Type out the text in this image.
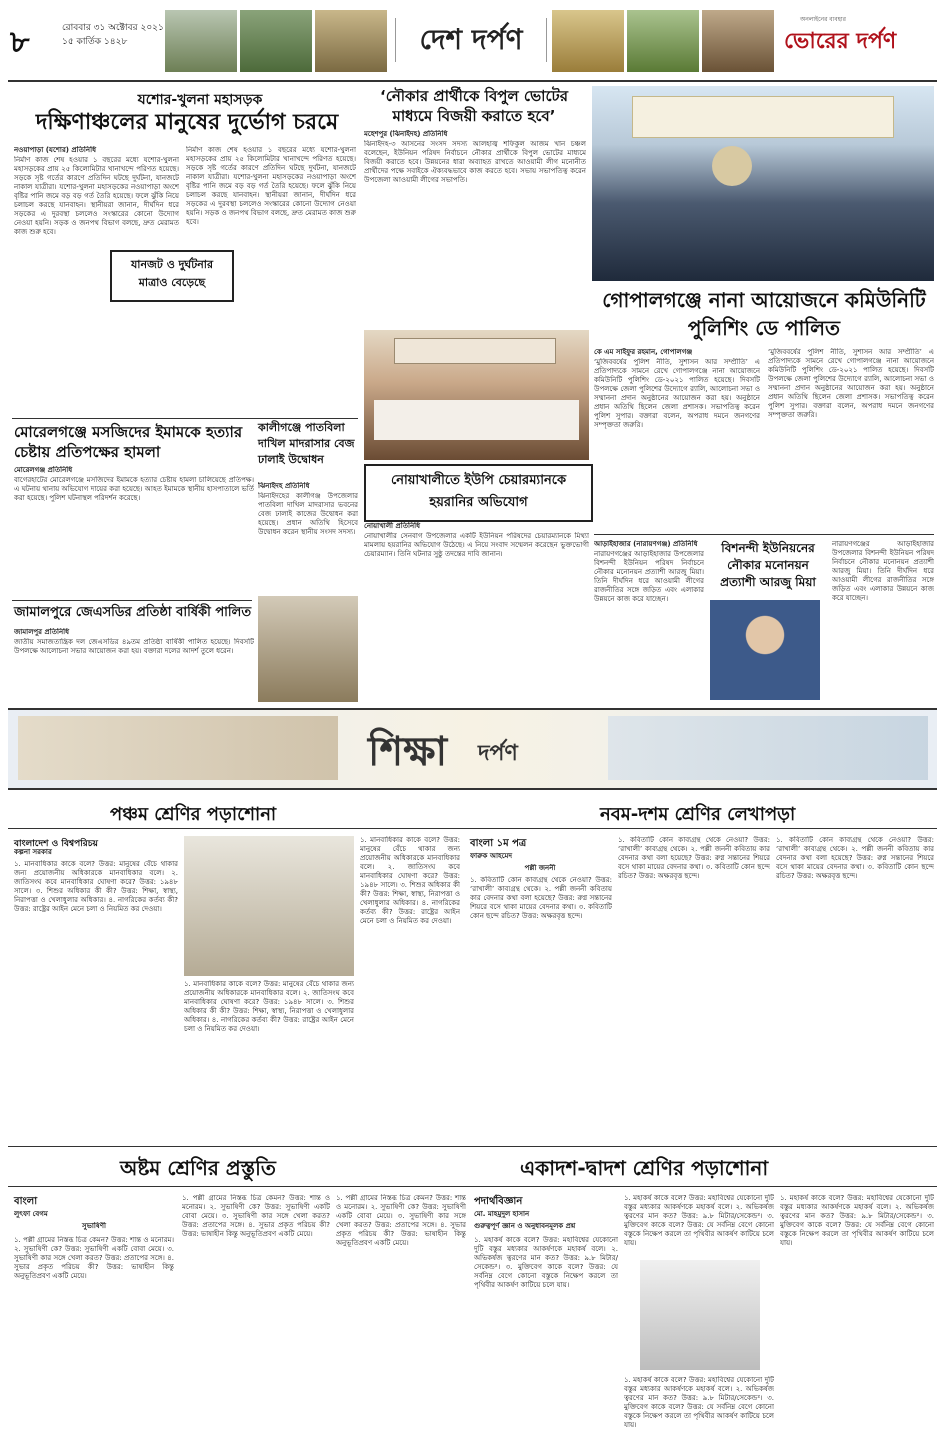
৮	রোববার ৩১ অক্টোবর ২০২১
১৫ কার্তিক ১৪২৮	দেশ দর্পণ
অনলাইনের ব্যবহার
ভোরের দর্পণ
যশোর-খুলনা মহাসড়ক
দক্ষিণাঞ্চলের মানুষের দুর্ভোগ চরমে
নওয়াপাড়া (যশোর) প্রতিনিধি
নির্মাণ কাজ শেষ হওয়ার ১ বছরের মধ্যে যশোর-খুলনা মহাসড়কের প্রায় ২৫ কিলোমিটার খানাখন্দে পরিণত হয়েছে। সড়কে সৃষ্ট গর্তের কারণে প্রতিদিন ঘটছে দুর্ঘটনা, যানজটে নাকাল যাত্রীরা। যশোর-খুলনা মহাসড়কের নওয়াপাড়া অংশে বৃষ্টির পানি জমে বড় বড় গর্ত তৈরি হয়েছে। ফলে ঝুঁকি নিয়ে চলাচল করছে যানবাহন। স্থানীয়রা জানান, দীর্ঘদিন ধরে সড়কের এ দুরবস্থা চললেও সংস্কারের কোনো উদ্যোগ নেওয়া হয়নি। সড়ক ও জনপথ বিভাগ বলছে, দ্রুত মেরামত কাজ শুরু হবে।
নির্মাণ কাজ শেষ হওয়ার ১ বছরের মধ্যে যশোর-খুলনা মহাসড়কের প্রায় ২৫ কিলোমিটার খানাখন্দে পরিণত হয়েছে। সড়কে সৃষ্ট গর্তের কারণে প্রতিদিন ঘটছে দুর্ঘটনা, যানজটে নাকাল যাত্রীরা। যশোর-খুলনা মহাসড়কের নওয়াপাড়া অংশে বৃষ্টির পানি জমে বড় বড় গর্ত তৈরি হয়েছে। ফলে ঝুঁকি নিয়ে চলাচল করছে যানবাহন। স্থানীয়রা জানান, দীর্ঘদিন ধরে সড়কের এ দুরবস্থা চললেও সংস্কারের কোনো উদ্যোগ নেওয়া হয়নি। সড়ক ও জনপথ বিভাগ বলছে, দ্রুত মেরামত কাজ শুরু হবে।
যানজট ও দুর্ঘটনার মাত্রাও বেড়েছে
‘নৌকার প্রার্থীকে বিপুল ভোটের মাধ্যমে বিজয়ী করাতে হবে’
মহেশপুর (ঝিনাইদহ) প্রতিনিধি
ঝিনাইদহ-৩ আসনের সংসদ সদস্য আলহাজ্ব শফিকুল আজম খান চঞ্চল বলেছেন, ইউনিয়ন পরিষদ নির্বাচনে নৌকার প্রার্থীকে বিপুল ভোটের মাধ্যমে বিজয়ী করাতে হবে। উন্নয়নের ধারা অব্যাহত রাখতে আওয়ামী লীগ মনোনীত প্রার্থীদের পক্ষে সবাইকে ঐক্যবদ্ধভাবে কাজ করতে হবে। সভায় সভাপতিত্ব করেন উপজেলা আওয়ামী লীগের সভাপতি।
গোপালগঞ্জে নানা আয়োজনে কমিউনিটি পুলিশিং ডে পালিত
কে এম সাইফুর রহমান, গোপালগঞ্জ
‘মুজিববর্ষের পুলিশ নীতি, সুশাসন আর সম্প্রীতি’ এ প্রতিপাদ্যকে সামনে রেখে গোপালগঞ্জে নানা আয়োজনে কমিউনিটি পুলিশিং ডে-২০২১ পালিত হয়েছে। দিবসটি উপলক্ষে জেলা পুলিশের উদ্যোগে র‍্যালি, আলোচনা সভা ও সম্মাননা প্রদান অনুষ্ঠানের আয়োজন করা হয়। অনুষ্ঠানে প্রধান অতিথি ছিলেন জেলা প্রশাসক। সভাপতিত্ব করেন পুলিশ সুপার। বক্তারা বলেন, অপরাধ দমনে জনগণের সম্পৃক্ততা জরুরি।
‘মুজিববর্ষের পুলিশ নীতি, সুশাসন আর সম্প্রীতি’ এ প্রতিপাদ্যকে সামনে রেখে গোপালগঞ্জে নানা আয়োজনে কমিউনিটি পুলিশিং ডে-২০২১ পালিত হয়েছে। দিবসটি উপলক্ষে জেলা পুলিশের উদ্যোগে র‍্যালি, আলোচনা সভা ও সম্মাননা প্রদান অনুষ্ঠানের আয়োজন করা হয়। অনুষ্ঠানে প্রধান অতিথি ছিলেন জেলা প্রশাসক। সভাপতিত্ব করেন পুলিশ সুপার। বক্তারা বলেন, অপরাধ দমনে জনগণের সম্পৃক্ততা জরুরি।
মোরেলগঞ্জে মসজিদের ইমামকে হত্যার চেষ্টায় প্রতিপক্ষের হামলা
মোরেলগঞ্জ প্রতিনিধি
বাগেরহাটের মোরেলগঞ্জে মসজিদের ইমামকে হত্যার চেষ্টায় হামলা চালিয়েছে প্রতিপক্ষ। এ ঘটনায় থানায় অভিযোগ দায়ের করা হয়েছে। আহত ইমামকে স্থানীয় হাসপাতালে ভর্তি করা হয়েছে। পুলিশ ঘটনাস্থল পরিদর্শন করেছে।
কালীগঞ্জে পাতবিলা দাখিল মাদরাসার বেজ ঢালাই উদ্বোধন
ঝিনাইদহ প্রতিনিধি
ঝিনাইদহের কালীগঞ্জ উপজেলার পাতবিলা দাখিল মাদরাসার ভবনের বেজ ঢালাই কাজের উদ্বোধন করা হয়েছে। প্রধান অতিথি হিসেবে উদ্বোধন করেন স্থানীয় সংসদ সদস্য।
নোয়াখালীতে ইউপি চেয়ারম্যানকে হয়রানির অভিযোগ
নোয়াখালী প্রতিনিধি
নোয়াখালীর সেনবাগ উপজেলার একটি ইউনিয়ন পরিষদের চেয়ারম্যানকে মিথ্যা মামলায় হয়রানির অভিযোগ উঠেছে। এ নিয়ে সংবাদ সম্মেলন করেছেন ভুক্তভোগী চেয়ারম্যান। তিনি ঘটনার সুষ্ঠু তদন্তের দাবি জানান।
জামালপুরে জেএসডির প্রতিষ্ঠা বার্ষিকী পালিত
জামালপুর প্রতিনিধি
জাতীয় সমাজতান্ত্রিক দল জেএসডির ৪৯তম প্রতিষ্ঠা বার্ষিকী পালিত হয়েছে। দিবসটি উপলক্ষে আলোচনা সভার আয়োজন করা হয়। বক্তারা দলের আদর্শ তুলে ধরেন।
আড়াইহাজার (নারায়ণগঞ্জ) প্রতিনিধি
নারায়ণগঞ্জের আড়াইহাজার উপজেলার বিশনন্দী ইউনিয়ন পরিষদ নির্বাচনে নৌকার মনোনয়ন প্রত্যাশী আরজু মিয়া। তিনি দীর্ঘদিন ধরে আওয়ামী লীগের রাজনীতির সঙ্গে জড়িত এবং এলাকার উন্নয়নে কাজ করে যাচ্ছেন।
বিশনন্দী ইউনিয়নের নৌকার মনোনয়ন প্রত্যাশী আরজু মিয়া
নারায়ণগঞ্জের আড়াইহাজার উপজেলার বিশনন্দী ইউনিয়ন পরিষদ নির্বাচনে নৌকার মনোনয়ন প্রত্যাশী আরজু মিয়া। তিনি দীর্ঘদিন ধরে আওয়ামী লীগের রাজনীতির সঙ্গে জড়িত এবং এলাকার উন্নয়নে কাজ করে যাচ্ছেন।
শিক্ষা দর্পণ
পঞ্চম শ্রেণির পড়াশোনা	নবম-দশম শ্রেণির লেখাপড়া
বাংলাদেশ ও বিশ্বপরিচয়
কল্পনা সরকার
১. মানবাধিকার কাকে বলে? উত্তর: মানুষের বেঁচে থাকার জন্য প্রয়োজনীয় অধিকারকে মানবাধিকার বলে। ২. জাতিসংঘ কবে মানবাধিকার ঘোষণা করে? উত্তর: ১৯৪৮ সালে। ৩. শিশুর অধিকার কী কী? উত্তর: শিক্ষা, স্বাস্থ্য, নিরাপত্তা ও খেলাধুলার অধিকার। ৪. নাগরিকের কর্তব্য কী? উত্তর: রাষ্ট্রের আইন মেনে চলা ও নিয়মিত কর দেওয়া।
১. মানবাধিকার কাকে বলে? উত্তর: মানুষের বেঁচে থাকার জন্য প্রয়োজনীয় অধিকারকে মানবাধিকার বলে। ২. জাতিসংঘ কবে মানবাধিকার ঘোষণা করে? উত্তর: ১৯৪৮ সালে। ৩. শিশুর অধিকার কী কী? উত্তর: শিক্ষা, স্বাস্থ্য, নিরাপত্তা ও খেলাধুলার অধিকার। ৪. নাগরিকের কর্তব্য কী? উত্তর: রাষ্ট্রের আইন মেনে চলা ও নিয়মিত কর দেওয়া।
১. মানবাধিকার কাকে বলে? উত্তর: মানুষের বেঁচে থাকার জন্য প্রয়োজনীয় অধিকারকে মানবাধিকার বলে। ২. জাতিসংঘ কবে মানবাধিকার ঘোষণা করে? উত্তর: ১৯৪৮ সালে। ৩. শিশুর অধিকার কী কী? উত্তর: শিক্ষা, স্বাস্থ্য, নিরাপত্তা ও খেলাধুলার অধিকার। ৪. নাগরিকের কর্তব্য কী? উত্তর: রাষ্ট্রের আইন মেনে চলা ও নিয়মিত কর দেওয়া।
বাংলা ১ম পত্র
ফারুক আহমেদ
পল্লী জননী
১. কবিতাটি কোন কাব্যগ্রন্থ থেকে নেওয়া? উত্তর: ‘রাখালী’ কাব্যগ্রন্থ থেকে। ২. পল্লী জননী কবিতায় কার বেদনার কথা বলা হয়েছে? উত্তর: রুগ্ন সন্তানের শিয়রে বসে থাকা মায়ের বেদনার কথা। ৩. কবিতাটি কোন ছন্দে রচিত? উত্তর: অক্ষরবৃত্ত ছন্দে।
১. কবিতাটি কোন কাব্যগ্রন্থ থেকে নেওয়া? উত্তর: ‘রাখালী’ কাব্যগ্রন্থ থেকে। ২. পল্লী জননী কবিতায় কার বেদনার কথা বলা হয়েছে? উত্তর: রুগ্ন সন্তানের শিয়রে বসে থাকা মায়ের বেদনার কথা। ৩. কবিতাটি কোন ছন্দে রচিত? উত্তর: অক্ষরবৃত্ত ছন্দে।
১. কবিতাটি কোন কাব্যগ্রন্থ থেকে নেওয়া? উত্তর: ‘রাখালী’ কাব্যগ্রন্থ থেকে। ২. পল্লী জননী কবিতায় কার বেদনার কথা বলা হয়েছে? উত্তর: রুগ্ন সন্তানের শিয়রে বসে থাকা মায়ের বেদনার কথা। ৩. কবিতাটি কোন ছন্দে রচিত? উত্তর: অক্ষরবৃত্ত ছন্দে।
অষ্টম শ্রেণির প্রস্তুতি	একাদশ-দ্বাদশ শ্রেণির পড়াশোনা
বাংলা
লুৎফা বেগম
সুভাষিণী
১. পল্লী গ্রামের নিস্তব্ধ চিত্র কেমন? উত্তর: শান্ত ও মনোরম। ২. সুভাষিণী কে? উত্তর: সুভাষিণী একটি বোবা মেয়ে। ৩. সুভাষিণী কার সঙ্গে খেলা করত? উত্তর: প্রতাপের সঙ্গে। ৪. সুভার প্রকৃত পরিচয় কী? উত্তর: ভাষাহীন কিন্তু অনুভূতিপ্রবণ একটি মেয়ে।
১. পল্লী গ্রামের নিস্তব্ধ চিত্র কেমন? উত্তর: শান্ত ও মনোরম। ২. সুভাষিণী কে? উত্তর: সুভাষিণী একটি বোবা মেয়ে। ৩. সুভাষিণী কার সঙ্গে খেলা করত? উত্তর: প্রতাপের সঙ্গে। ৪. সুভার প্রকৃত পরিচয় কী? উত্তর: ভাষাহীন কিন্তু অনুভূতিপ্রবণ একটি মেয়ে।
১. পল্লী গ্রামের নিস্তব্ধ চিত্র কেমন? উত্তর: শান্ত ও মনোরম। ২. সুভাষিণী কে? উত্তর: সুভাষিণী একটি বোবা মেয়ে। ৩. সুভাষিণী কার সঙ্গে খেলা করত? উত্তর: প্রতাপের সঙ্গে। ৪. সুভার প্রকৃত পরিচয় কী? উত্তর: ভাষাহীন কিন্তু অনুভূতিপ্রবণ একটি মেয়ে।
পদার্থবিজ্ঞান
মো. মাহমুদুল হাসান
গুরুত্বপূর্ণ জ্ঞান ও অনুধাবনমূলক প্রশ্ন
১. মহাকর্ষ কাকে বলে? উত্তর: মহাবিশ্বের যেকোনো দুটি বস্তুর মধ্যকার আকর্ষণকে মহাকর্ষ বলে। ২. অভিকর্ষজ ত্বরণের মান কত? উত্তর: ৯.৮ মিটার/সেকেন্ড²। ৩. মুক্তিবেগ কাকে বলে? উত্তর: যে সর্বনিম্ন বেগে কোনো বস্তুকে নিক্ষেপ করলে তা পৃথিবীর আকর্ষণ কাটিয়ে চলে যায়।
১. মহাকর্ষ কাকে বলে? উত্তর: মহাবিশ্বের যেকোনো দুটি বস্তুর মধ্যকার আকর্ষণকে মহাকর্ষ বলে। ২. অভিকর্ষজ ত্বরণের মান কত? উত্তর: ৯.৮ মিটার/সেকেন্ড²। ৩. মুক্তিবেগ কাকে বলে? উত্তর: যে সর্বনিম্ন বেগে কোনো বস্তুকে নিক্ষেপ করলে তা পৃথিবীর আকর্ষণ কাটিয়ে চলে যায়।
১. মহাকর্ষ কাকে বলে? উত্তর: মহাবিশ্বের যেকোনো দুটি বস্তুর মধ্যকার আকর্ষণকে মহাকর্ষ বলে। ২. অভিকর্ষজ ত্বরণের মান কত? উত্তর: ৯.৮ মিটার/সেকেন্ড²। ৩. মুক্তিবেগ কাকে বলে? উত্তর: যে সর্বনিম্ন বেগে কোনো বস্তুকে নিক্ষেপ করলে তা পৃথিবীর আকর্ষণ কাটিয়ে চলে যায়।
১. মহাকর্ষ কাকে বলে? উত্তর: মহাবিশ্বের যেকোনো দুটি বস্তুর মধ্যকার আকর্ষণকে মহাকর্ষ বলে। ২. অভিকর্ষজ ত্বরণের মান কত? উত্তর: ৯.৮ মিটার/সেকেন্ড²। ৩. মুক্তিবেগ কাকে বলে? উত্তর: যে সর্বনিম্ন বেগে কোনো বস্তুকে নিক্ষেপ করলে তা পৃথিবীর আকর্ষণ কাটিয়ে চলে যায়।
